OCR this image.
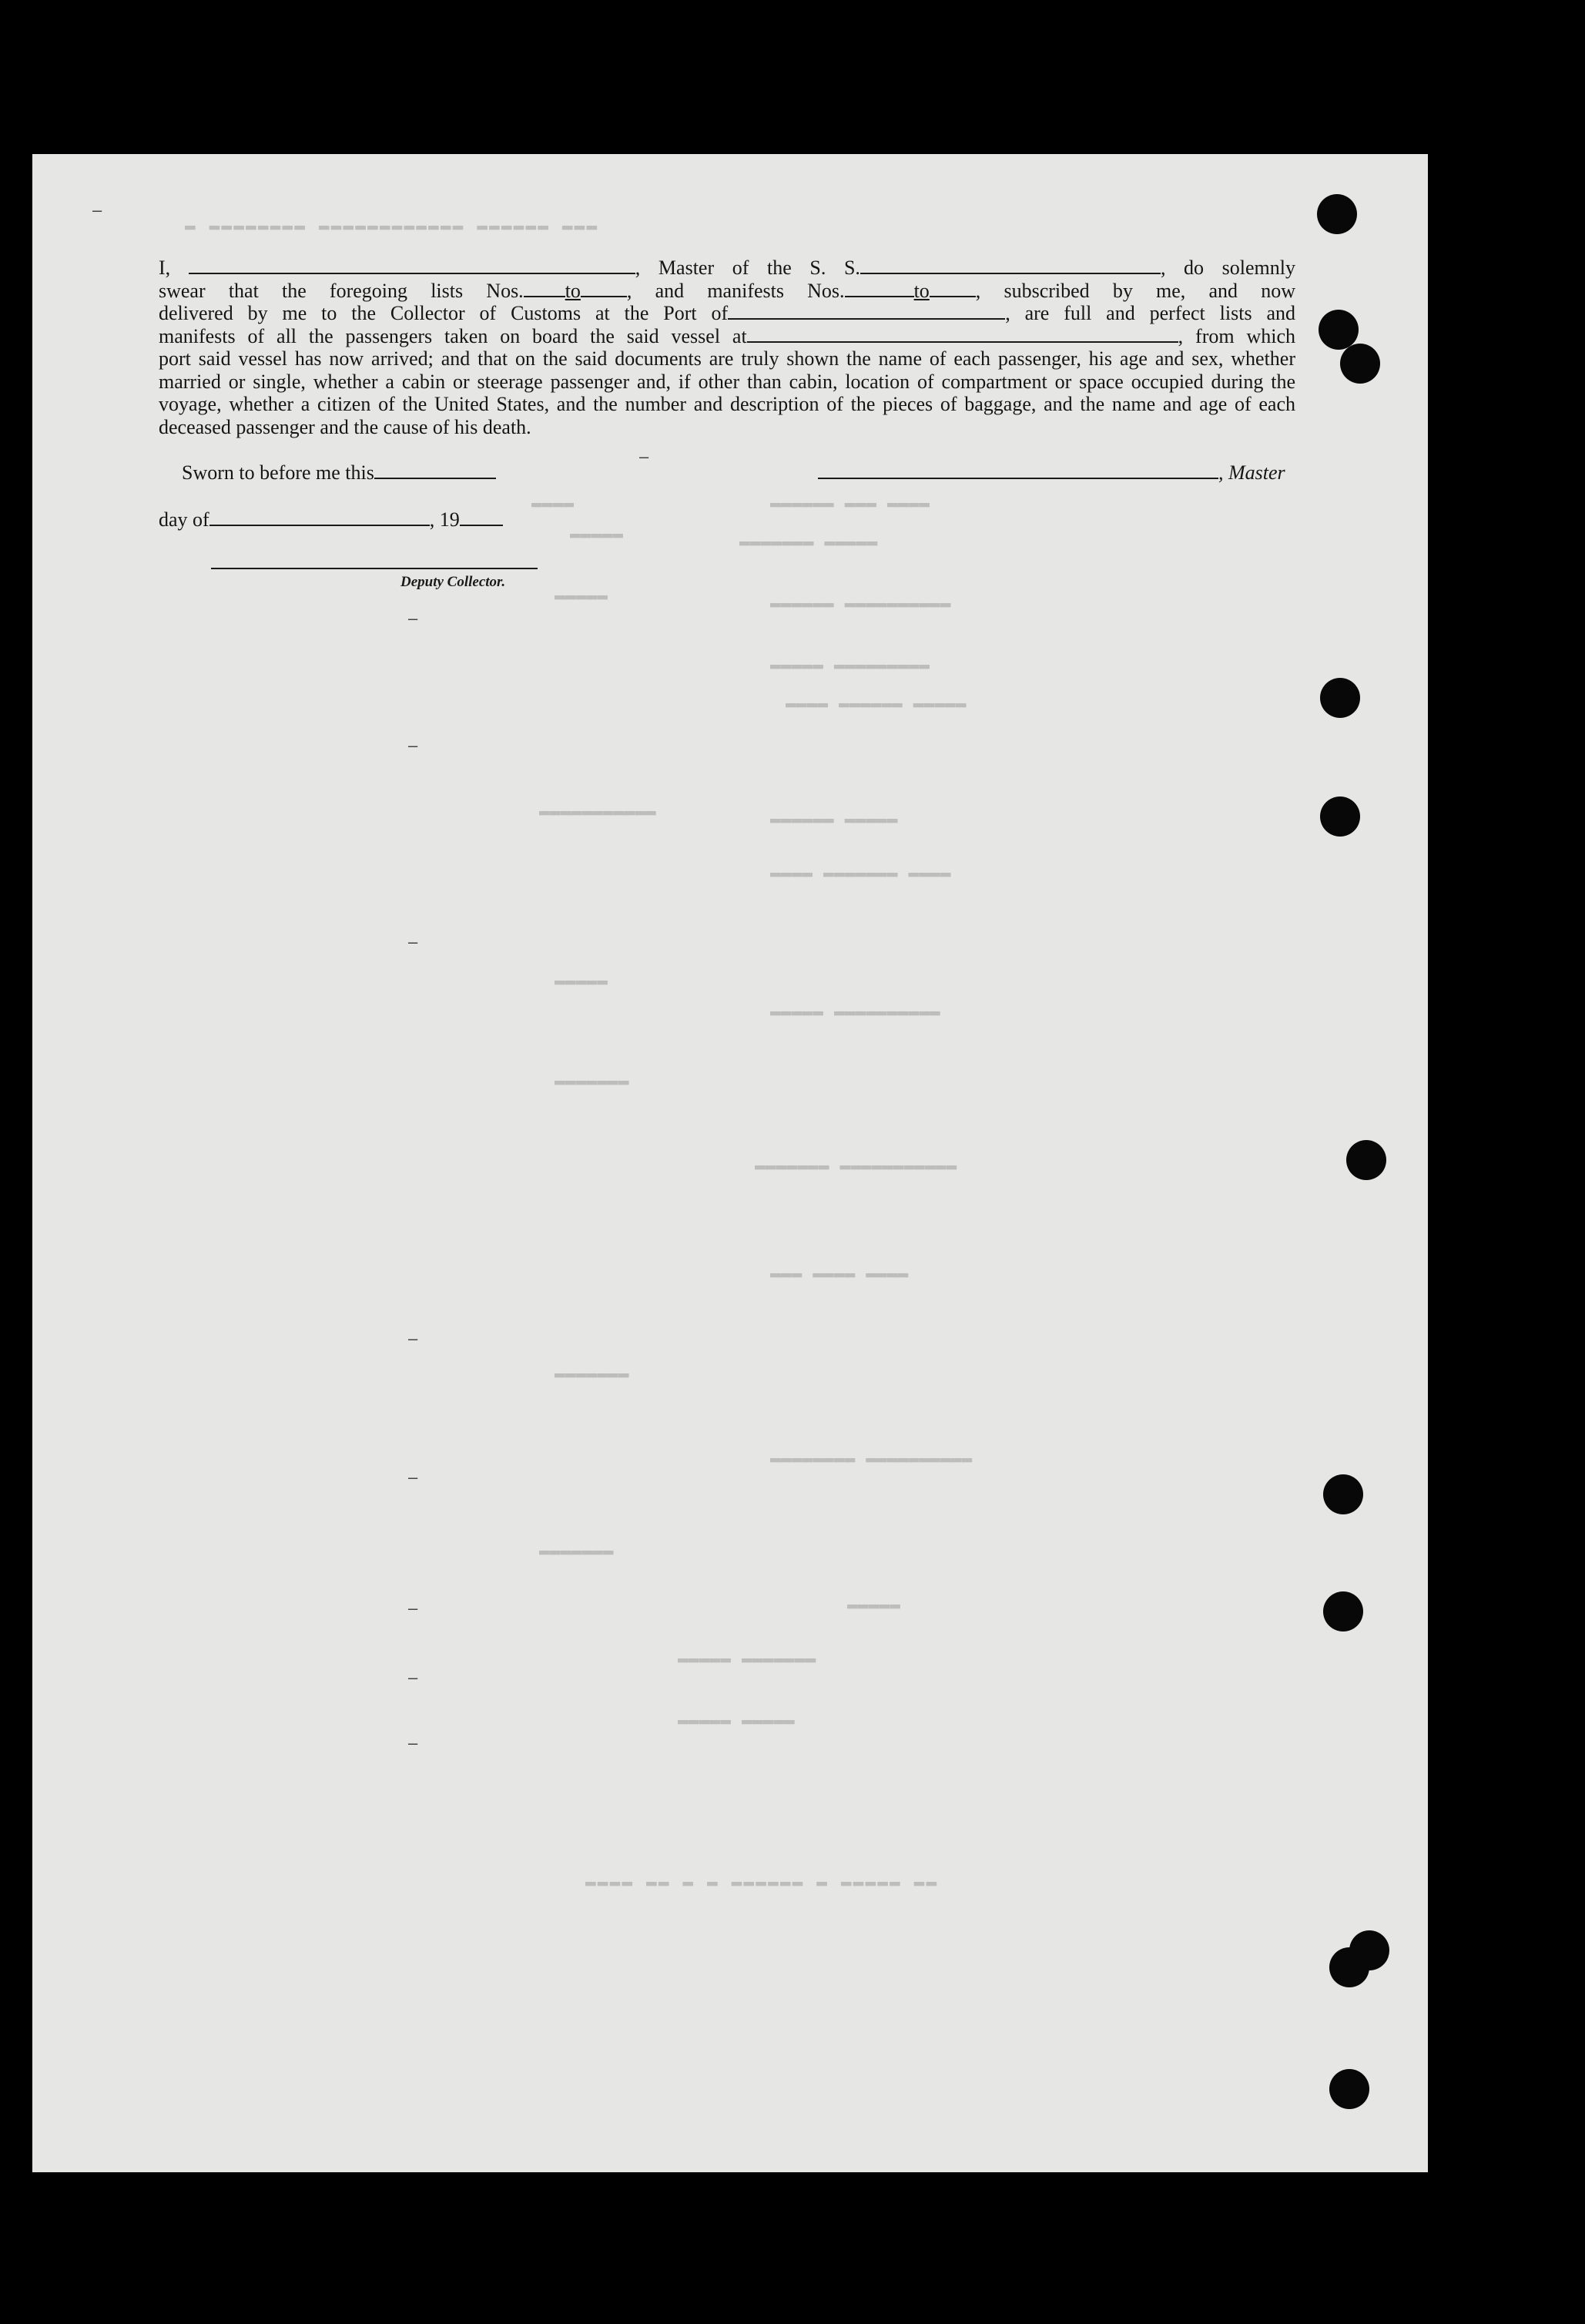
▬ ▬▬▬▬▬▬▬▬ ▬▬▬▬▬▬▬▬▬▬▬▬ ▬▬▬▬▬▬ ▬▬▬
▬▬▬▬	▬▬▬▬▬▬ ▬▬▬ ▬▬▬▬
▬▬▬▬▬	▬▬▬▬▬▬▬ ▬▬▬▬▬
▬▬▬▬▬	▬▬▬▬▬▬ ▬▬▬▬▬▬▬▬▬▬
▬▬▬▬▬ ▬▬▬▬▬▬▬▬▬
▬▬▬▬ ▬▬▬▬▬▬ ▬▬▬▬▬
▬▬▬▬▬▬▬▬▬▬▬	▬▬▬▬▬▬ ▬▬▬▬▬
▬▬▬▬ ▬▬▬▬▬▬▬ ▬▬▬▬
▬▬▬▬▬
▬▬▬▬▬ ▬▬▬▬▬▬▬▬▬▬
▬▬▬▬▬▬▬
▬▬▬▬▬▬▬ ▬▬▬▬▬▬▬▬▬▬▬
▬▬▬ ▬▬▬▬ ▬▬▬▬
▬▬▬▬▬▬▬
▬▬▬▬▬▬▬▬ ▬▬▬▬▬▬▬▬▬▬
▬▬▬▬▬▬▬
▬▬▬▬▬
▬▬▬▬▬ ▬▬▬▬▬▬▬
▬▬▬▬▬ ▬▬▬▬▬
▬▬▬▬ ▬▬ ▬ ▬ ▬▬▬▬▬▬ ▬ ▬▬▬▬▬ ▬▬
–
–
–
–
–
–
–
–
–
–

I,	, Master of the S. S.	, do solemnly

swear that the foregoing lists Nos. to , and manifests Nos.	to , subscribed by me, and now

delivered by me to the Collector of Customs at the Port of	, are full and perfect lists and

manifests of all the passengers taken on board the said vessel at	, from which

port said vessel has now arrived; and that on the said documents are truly shown the name of each passenger, his age and sex, whether married or single, whether a cabin or steerage passenger and, if other than cabin, location of compartment or space occupied during the voyage, whether a citizen of the United States, and the number and description of the pieces of baggage, and the name and age of each deceased passenger and the cause of his death.

Sworn to before me this	, Master
day of	, 19
Deputy Collector.
